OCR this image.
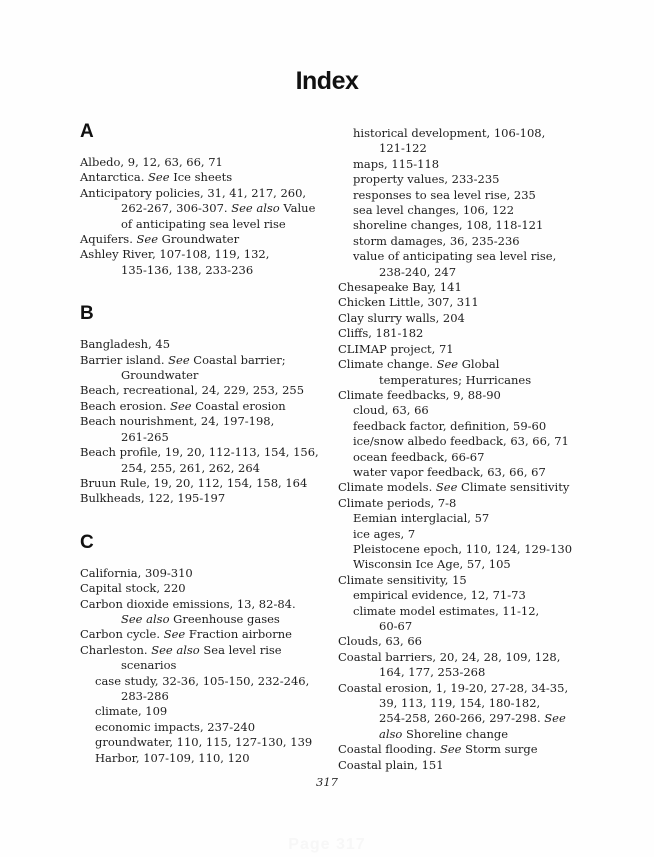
Index
A
Albedo, 9, 12, 63, 66, 71
Antarctica. See Ice sheets
Anticipatory policies, 31, 41, 217, 260,
262-267, 306-307. See also Value
of anticipating sea level rise
Aquifers. See Groundwater
Ashley River, 107-108, 119, 132,
135-136, 138, 233-236
B
Bangladesh, 45
Barrier island. See Coastal barrier;
Groundwater
Beach, recreational, 24, 229, 253, 255
Beach erosion. See Coastal erosion
Beach nourishment, 24, 197-198,
261-265
Beach profile, 19, 20, 112-113, 154, 156,
254, 255, 261, 262, 264
Bruun Rule, 19, 20, 112, 154, 158, 164
Bulkheads, 122, 195-197
C
California, 309-310
Capital stock, 220
Carbon dioxide emissions, 13, 82-84.
See also Greenhouse gases
Carbon cycle. See Fraction airborne
Charleston. See also Sea level rise
scenarios
case study, 32-36, 105-150, 232-246,
283-286
climate, 109
economic impacts, 237-240
groundwater, 110, 115, 127-130, 139
Harbor, 107-109, 110, 120
historical development, 106-108,
121-122
maps, 115-118
property values, 233-235
responses to sea level rise, 235
sea level changes, 106, 122
shoreline changes, 108, 118-121
storm damages, 36, 235-236
value of anticipating sea level rise,
238-240, 247
Chesapeake Bay, 141
Chicken Little, 307, 311
Clay slurry walls, 204
Cliffs, 181-182
CLIMAP project, 71
Climate change. See Global
temperatures; Hurricanes
Climate feedbacks, 9, 88-90
cloud, 63, 66
feedback factor, definition, 59-60
ice/snow albedo feedback, 63, 66, 71
ocean feedback, 66-67
water vapor feedback, 63, 66, 67
Climate models. See Climate sensitivity
Climate periods, 7-8
Eemian interglacial, 57
ice ages, 7
Pleistocene epoch, 110, 124, 129-130
Wisconsin Ice Age, 57, 105
Climate sensitivity, 15
empirical evidence, 12, 71-73
climate model estimates, 11-12,
60-67
Clouds, 63, 66
Coastal barriers, 20, 24, 28, 109, 128,
164, 177, 253-268
Coastal erosion, 1, 19-20, 27-28, 34-35,
39, 113, 119, 154, 180-182,
254-258, 260-266, 297-298. See
also Shoreline change
Coastal flooding. See Storm surge
Coastal plain, 151
317
Page 317
